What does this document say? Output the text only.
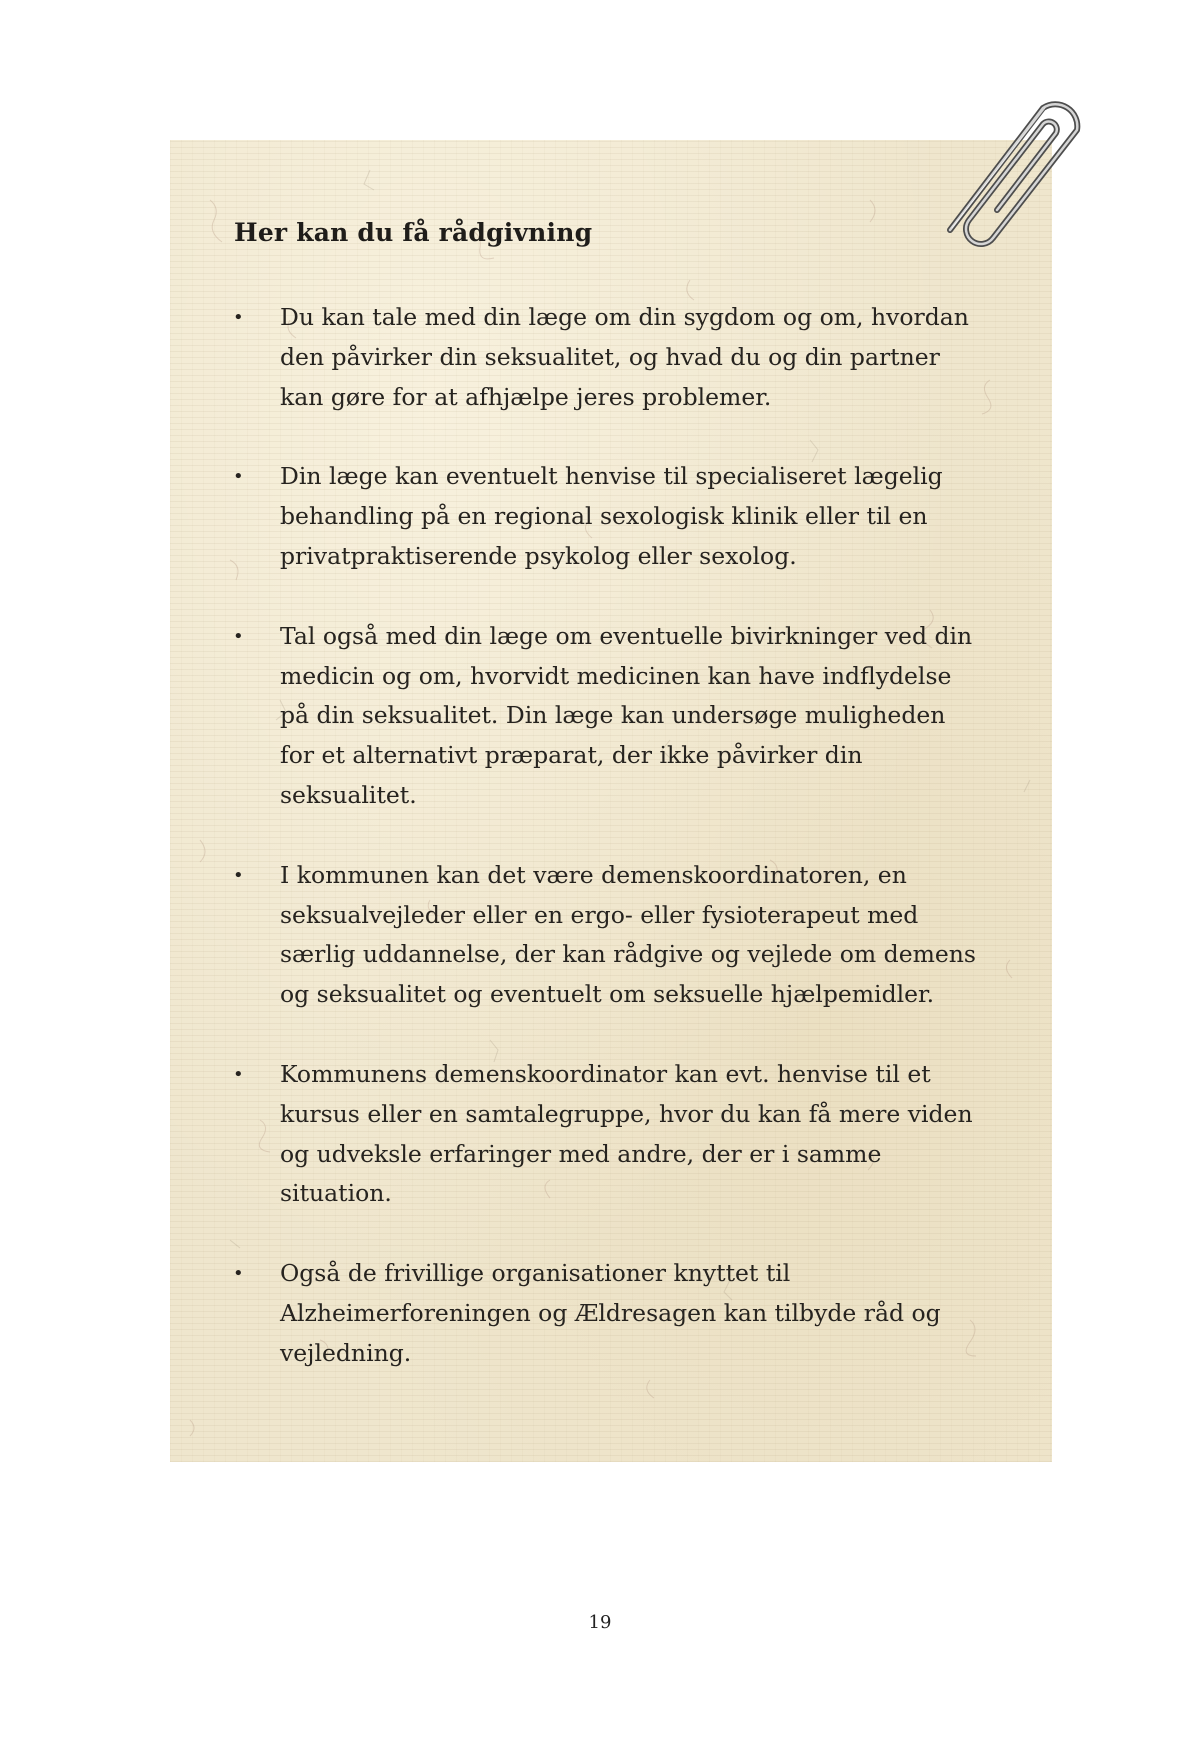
Her kan du få rådgivning
• Du kan tale med din læge om din sygdom og om, hvordan den påvirker din seksualitet, og hvad du og din partner kan gøre for at afhjælpe jeres problemer.
• Din læge kan eventuelt henvise til specialiseret lægelig behandling på en regional sexologisk klinik eller til en privatpraktiserende psykolog eller sexolog.
• Tal også med din læge om eventuelle bivirkninger ved din medicin og om, hvorvidt medicinen kan have indflydelse på din seksualitet. Din læge kan undersøge muligheden for et alternativt præparat, der ikke påvirker din seksualitet.
• I kommunen kan det være demenskoordinatoren, en seksualvejleder eller en ergo- eller fysioterapeut med særlig uddannelse, der kan rådgive og vejlede om demens og seksualitet og eventuelt om seksuelle hjælpemidler.
• Kommunens demenskoordinator kan evt. henvise til et kursus eller en samtalegruppe, hvor du kan få mere viden og udveksle erfaringer med andre, der er i samme situation.
• Også de frivillige organisationer knyttet til Alzheimerforeningen og Ældresagen kan tilbyde råd og vejledning.
19
